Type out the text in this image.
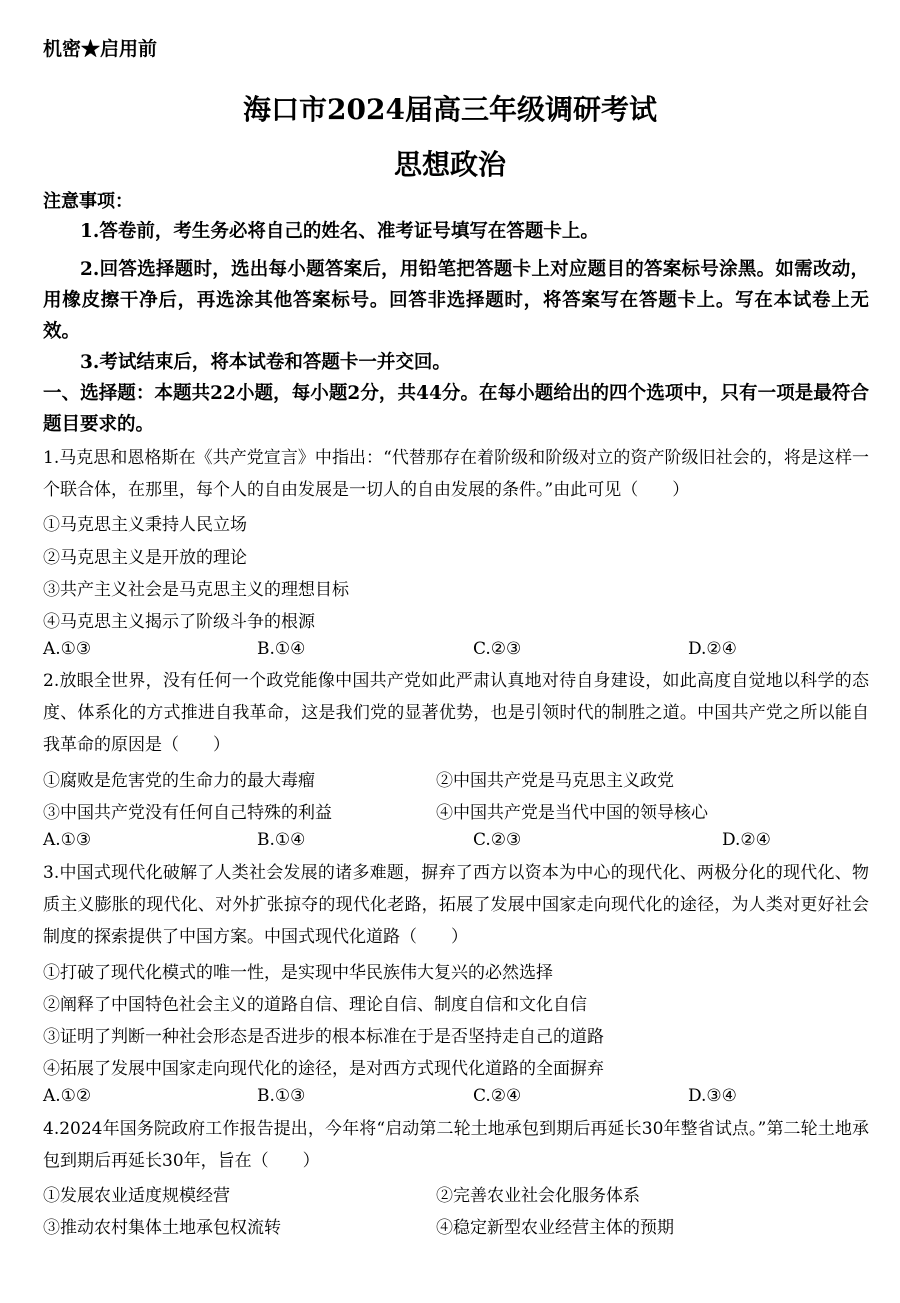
机密★启用前
海口市2024届高三年级调研考试
思想政治
注意事项：
1.答卷前，考生务必将自己的姓名、准考证号填写在答题卡上。
2.回答选择题时，选出每小题答案后，用铅笔把答题卡上对应题目的答案标号涂黑。如需改动，用橡皮擦干净后，再选涂其他答案标号。回答非选择题时，将答案写在答题卡上。写在本试卷上无效。
3.考试结束后，将本试卷和答题卡一并交回。
一、选择题：本题共22小题，每小题2分，共44分。在每小题给出的四个选项中，只有一项是最符合题目要求的。
1.马克思和恩格斯在《共产党宣言》中指出：“代替那存在着阶级和阶级对立的资产阶级旧社会的，将是这样一个联合体，在那里，每个人的自由发展是一切人的自由发展的条件。”由此可见（　　）
①马克思主义秉持人民立场
②马克思主义是开放的理论
③共产主义社会是马克思主义的理想目标
④马克思主义揭示了阶级斗争的根源
A.①③	B.①④	C.②③	D.②④
2.放眼全世界，没有任何一个政党能像中国共产党如此严肃认真地对待自身建设，如此高度自觉地以科学的态度、体系化的方式推进自我革命，这是我们党的显著优势，也是引领时代的制胜之道。中国共产党之所以能自我革命的原因是（　　）
①腐败是危害党的生命力的最大毒瘤	②中国共产党是马克思主义政党
③中国共产党没有任何自己特殊的利益	④中国共产党是当代中国的领导核心
A.①③	B.①④	C.②③	D.②④
3.中国式现代化破解了人类社会发展的诸多难题，摒弃了西方以资本为中心的现代化、两极分化的现代化、物质主义膨胀的现代化、对外扩张掠夺的现代化老路，拓展了发展中国家走向现代化的途径，为人类对更好社会制度的探索提供了中国方案。中国式现代化道路（　　）
①打破了现代化模式的唯一性，是实现中华民族伟大复兴的必然选择
②阐释了中国特色社会主义的道路自信、理论自信、制度自信和文化自信
③证明了判断一种社会形态是否进步的根本标准在于是否坚持走自己的道路
④拓展了发展中国家走向现代化的途径，是对西方式现代化道路的全面摒弃
A.①②	B.①③	C.②④	D.③④
4.2024年国务院政府工作报告提出，今年将“启动第二轮土地承包到期后再延长30年整省试点。”第二轮土地承包到期后再延长30年，旨在（　　）
①发展农业适度规模经营	②完善农业社会化服务体系
③推动农村集体土地承包权流转	④稳定新型农业经营主体的预期
